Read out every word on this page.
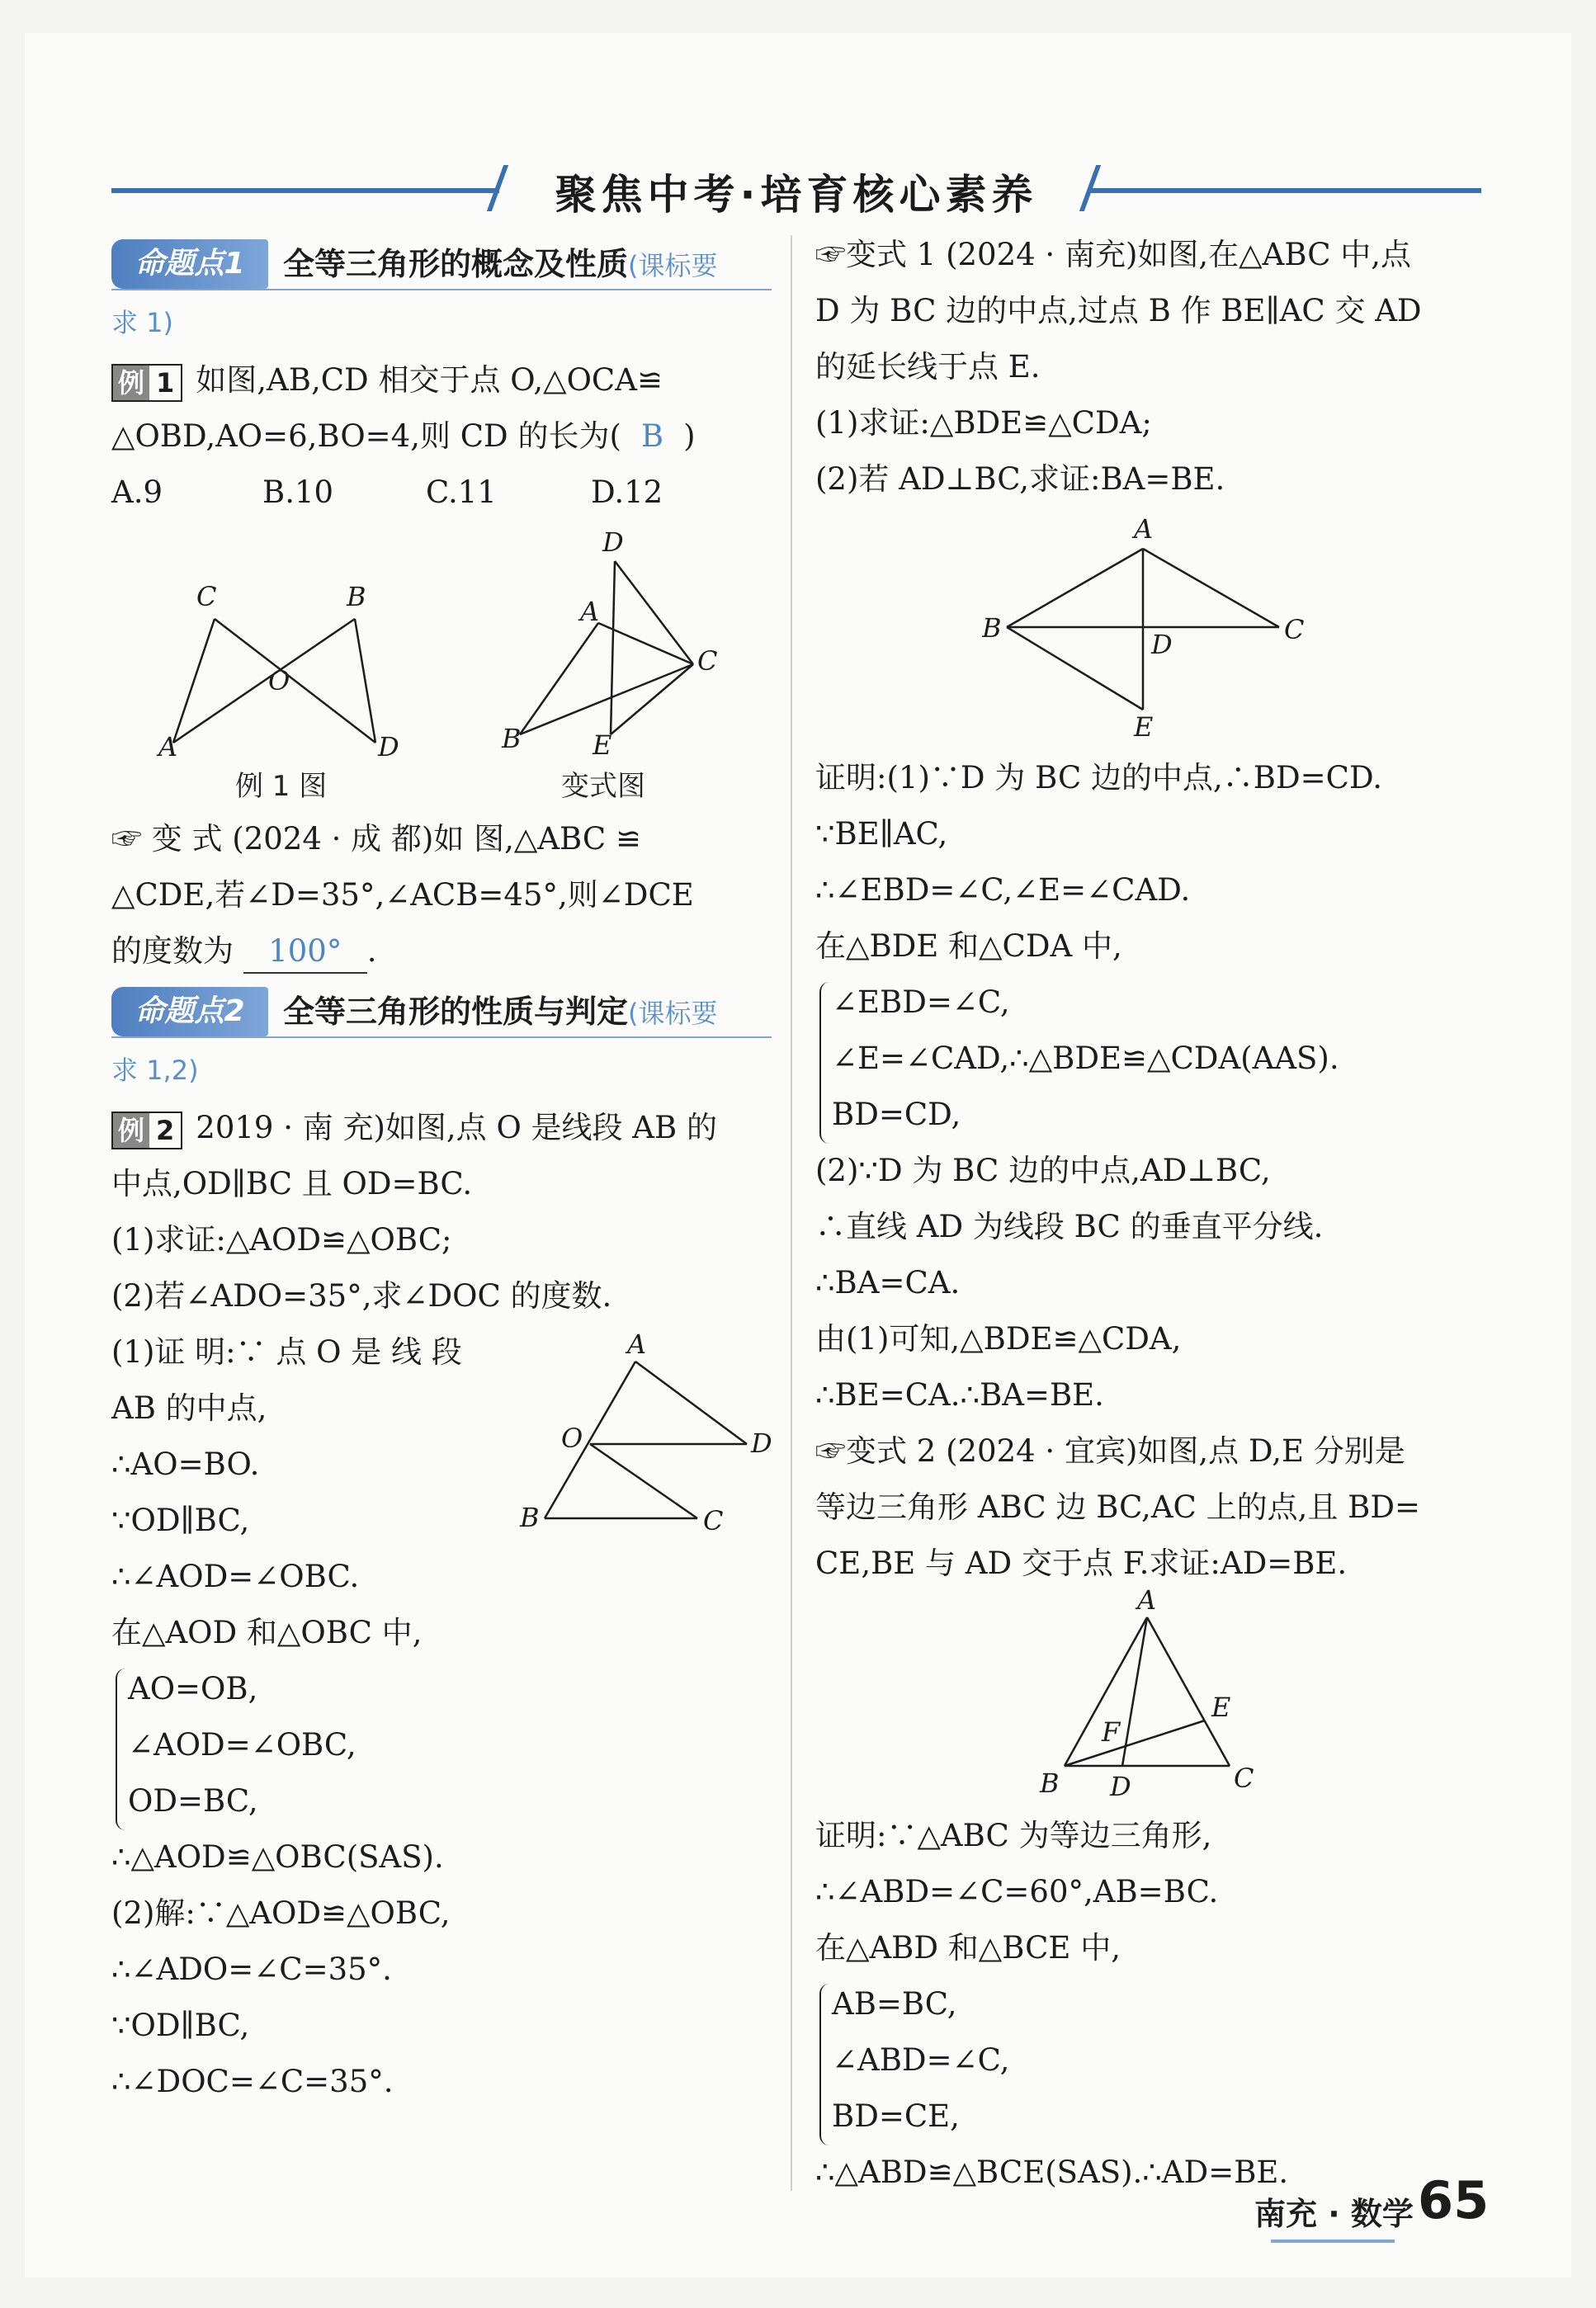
聚焦中考·培育核心素养
命题点1	全等三角形的概念及性质(课标要
求 1)
例 1 如图,AB,CD 相交于点 O,△OCA≌
△OBD,AO=6,BO=4,则 CD 的长为( B )
A.9	B.10	C.11	D.12
C	B
O
A	D
例 1 图
D
A
C
B	E
变式图
☞ 变 式 (2024 · 成 都)如 图,△ABC ≌
△CDE,若∠D=35°,∠ACB=45°,则∠DCE
的度数为 100° .
命题点2	全等三角形的性质与判定(课标要
求 1,2)
例 2 2019 · 南 充)如图,点 O 是线段 AB 的
中点,OD∥BC 且 OD=BC.
(1)求证:△AOD≌△OBC;
(2)若∠ADO=35°,求∠DOC 的度数.
(1)证 明:∵ 点 O 是 线 段
AB 的中点,
∴AO=BO.
∵OD∥BC,
∴∠AOD=∠OBC.
在△AOD 和△OBC 中,
A
O	D
B	C
AO=OB,
∠AOD=∠OBC,
OD=BC,
∴△AOD≌△OBC(SAS).
(2)解:∵△AOD≌△OBC,
∴∠ADO=∠C=35°.
∵OD∥BC,
∴∠DOC=∠C=35°.
☞变式 1 (2024 · 南充)如图,在△ABC 中,点
D 为 BC 边的中点,过点 B 作 BE∥AC 交 AD
的延长线于点 E.
(1)求证:△BDE≌△CDA;
(2)若 AD⊥BC,求证:BA=BE.
A
B
D	C
E
证明:(1)∵D 为 BC 边的中点,∴BD=CD.
∵BE∥AC,
∴∠EBD=∠C,∠E=∠CAD.
在△BDE 和△CDA 中,
∠EBD=∠C,
∠E=∠CAD,∴△BDE≌△CDA(AAS).
BD=CD,
(2)∵D 为 BC 边的中点,AD⊥BC,
∴直线 AD 为线段 BC 的垂直平分线.
∴BA=CA.
由(1)可知,△BDE≌△CDA,
∴BE=CA.∴BA=BE.
☞变式 2 (2024 · 宜宾)如图,点 D,E 分别是
等边三角形 ABC 边 BC,AC 上的点,且 BD=
CE,BE 与 AD 交于点 F.求证:AD=BE.
A
E
F
B D	C
证明:∵△ABC 为等边三角形,
∴∠ABD=∠C=60°,AB=BC.
在△ABD 和△BCE 中,
AB=BC,
∠ABD=∠C,
BD=CE,
∴△ABD≌△BCE(SAS).∴AD=BE.
南充 · 数学 65
